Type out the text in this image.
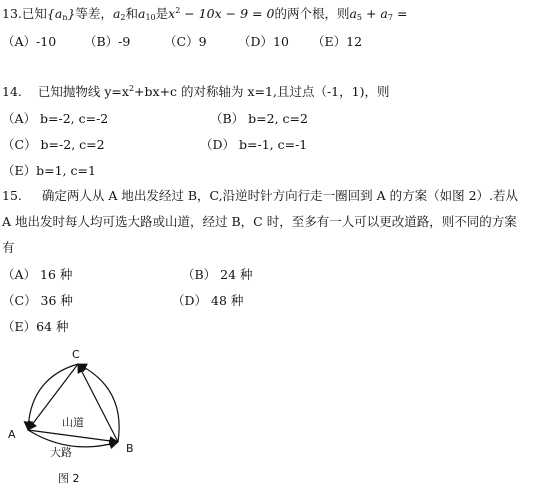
13.已知$\{a_n\}$等差，$a_2$和$a_{10}$是$x^2 - 10x - 9 = 0$的两个根，则$a_5 + a_7$ =
（A）-10 （B）-9	（C）9	（D）10 （E）12
14. 已知抛物线 $y=x^2+bx+c$ 的对称轴为 x=1,且过点（-1，1)，则
（A） b=-2, c=-2	（B） b=2, c=2
（C） b=-2, c=2	（D） b=-1, c=-1
（E）b=1, c=1
15. 确定两人从 A 地出发经过 B，C,沿逆时针方向行走一圈回到 A 的方案（如图 2）.若从
A 地出发时每人均可选大路或山道，经过 B，C 时，至多有一人可以更改道路，则不同的方案
有
（A） 16 种	（B） 24 种
（C） 36 种	（D） 48 种
（E）64 种
C
A
B
山道
大路
图 2
